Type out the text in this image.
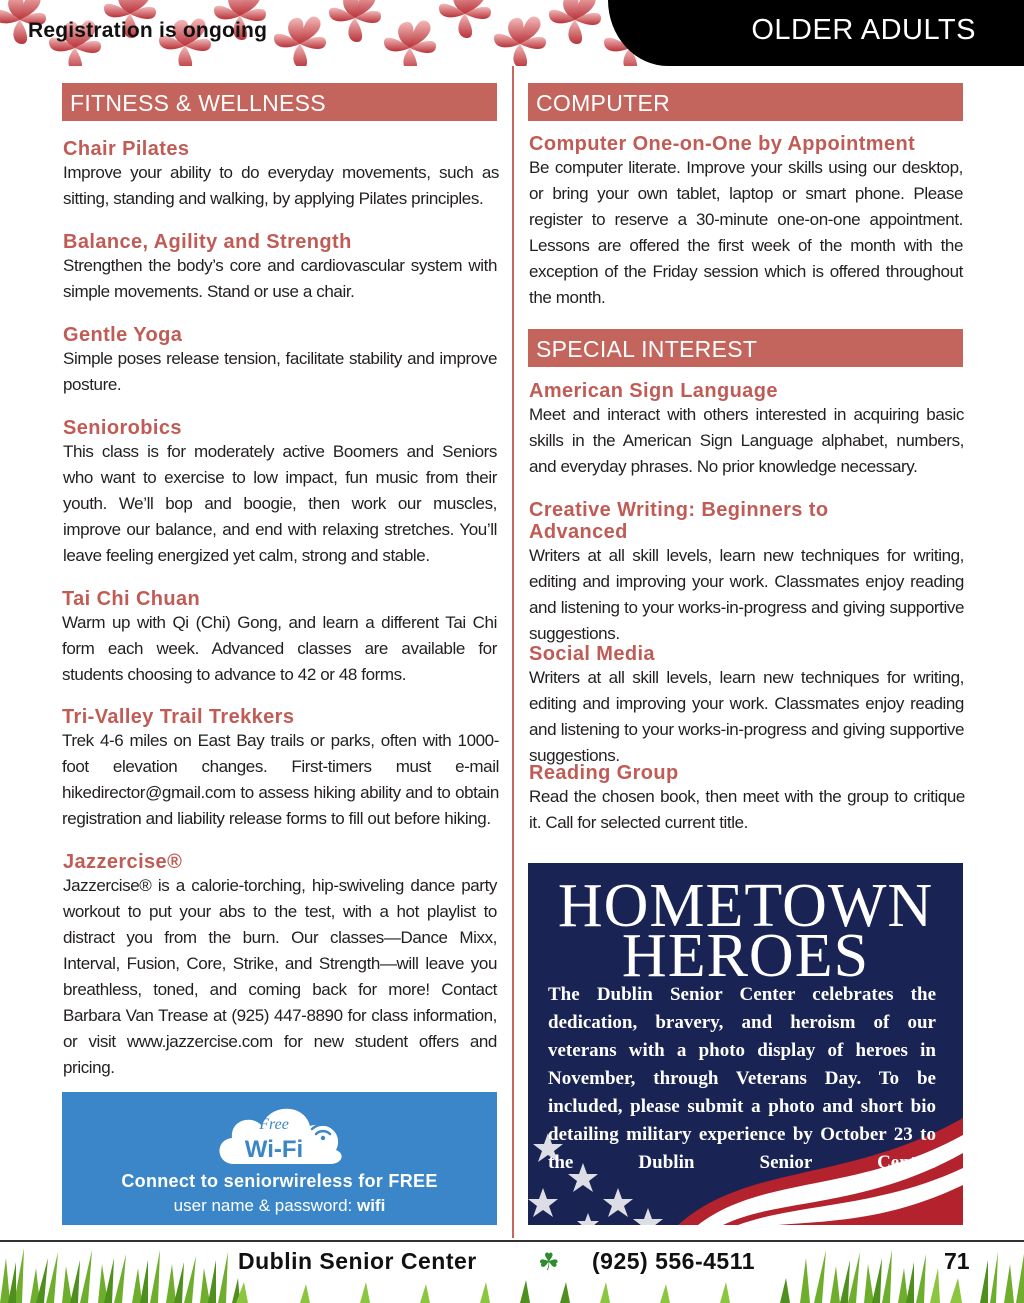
Registration is ongoing	OLDER ADULTS
FITNESS & WELLNESS
Chair Pilates

Improve your ability to do everyday movements, such as sitting, standing and walking, by applying Pilates principles.

Balance, Agility and Strength

Strengthen the body’s core and cardiovascular system with simple movements. Stand or use a chair.

Gentle Yoga

Simple poses release tension, facilitate stability and improve posture.

Seniorobics

This class is for moderately active Boomers and Seniors who want to exercise to low impact, fun music from their youth. We’ll bop and boogie, then work our muscles, improve our balance, and end with relaxing stretches. You’ll leave feeling energized yet calm, strong and stable.

Tai Chi Chuan

Warm up with Qi (Chi) Gong, and learn a different Tai Chi form each week. Advanced classes are available for students choosing to advance to 42 or 48 forms.

Tri-Valley Trail Trekkers

Trek 4-6 miles on East Bay trails or parks, often with 1000-foot elevation changes. First-timers must e-mail hikedirector@gmail.com to assess hiking ability and to obtain registration and liability release forms to fill out before hiking.

Jazzercise®

Jazzercise® is a calorie-torching, hip-swiveling dance party workout to put your abs to the test, with a hot playlist to distract you from the burn. Our classes—Dance Mixx, Interval, Fusion, Core, Strike, and Strength—will leave you breathless, toned, and coming back for more! Contact Barbara Van Trease at (925) 447-8890 for class information, or visit www.jazzercise.com for new student offers and pricing.

Free
Wi-Fi
Connect to seniorwireless for FREE
user name & password: wifi
COMPUTER
Computer One-on-One by Appointment

Be computer literate. Improve your skills using our desktop, or bring your own tablet, laptop or smart phone. Please register to reserve a 30-minute one-on-one appointment. Lessons are offered the first week of the month with the exception of the Friday session which is offered throughout the month.

SPECIAL INTEREST
American Sign Language

Meet and interact with others interested in acquiring basic skills in the American Sign Language alphabet, numbers, and everyday phrases. No prior knowledge necessary.

Creative Writing: Beginners to Advanced

Writers at all skill levels, learn new techniques for writing, editing and improving your work. Classmates enjoy reading and listening to your works-in-progress and giving supportive suggestions.

Social Media

Writers at all skill levels, learn new techniques for writing, editing and improving your work. Classmates enjoy reading and listening to your works-in-progress and giving supportive suggestions.

Reading Group

Read the chosen book, then meet with the group to critique it. Call for selected current title.

HOMETOWN
HEROES
The Dublin Senior Center celebrates the dedication, bravery, and heroism of our veterans with a photo display of heroes in November, through Veterans Day. To be included, please submit a photo and short bio detailing military experience by October 23 to the Dublin Senior Center.
Dublin Senior Center	☘ (925) 556-4511	71
